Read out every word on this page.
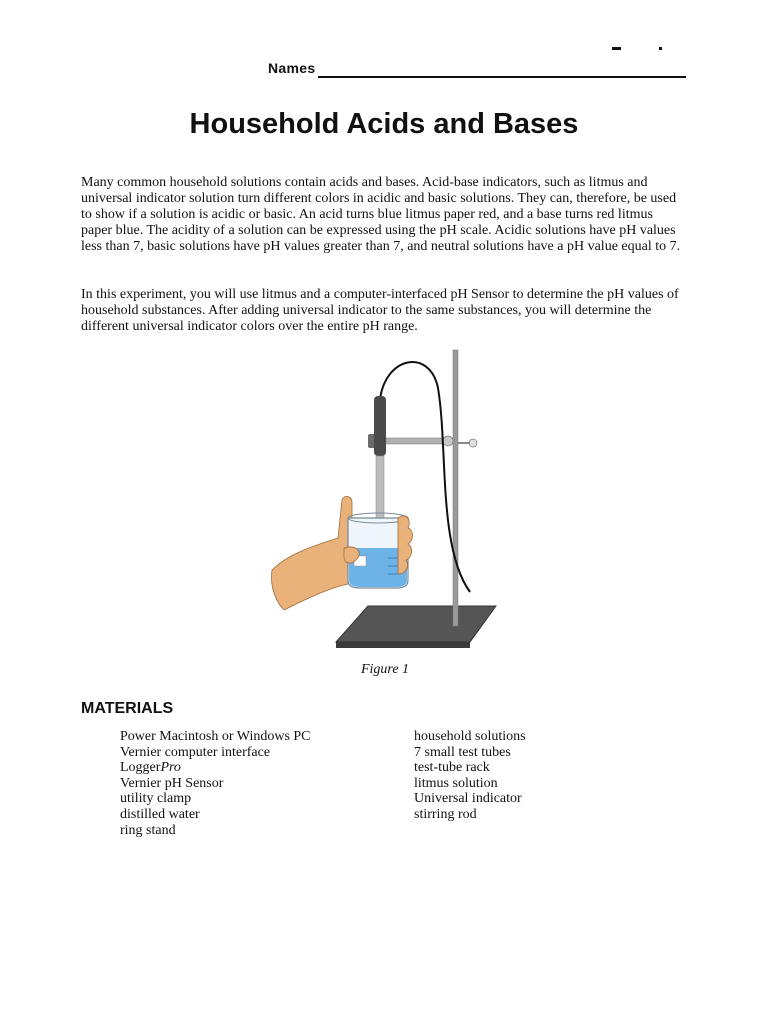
Names
Household Acids and Bases

Many common household solutions contain acids and bases. Acid-base indicators, such as litmus and universal indicator solution turn different colors in acidic and basic solutions. They can, therefore, be used to show if a solution is acidic or basic. An acid turns blue litmus paper red, and a base turns red litmus paper blue. The acidity of a solution can be expressed using the pH scale. Acidic solutions have pH values less than 7, basic solutions have pH values greater than 7, and neutral solutions have a pH value equal to 7.

In this experiment, you will use litmus and a computer-interfaced pH Sensor to determine the pH values of household substances. After adding universal indicator to the same substances, you will determine the different universal indicator colors over the entire pH range.

Figure 1
MATERIALS
Power Macintosh or Windows PC
Vernier computer interface
LoggerPro
Vernier pH Sensor
utility clamp
distilled water
ring stand
household solutions
7 small test tubes
test-tube rack
litmus solution
Universal indicator
stirring rod
